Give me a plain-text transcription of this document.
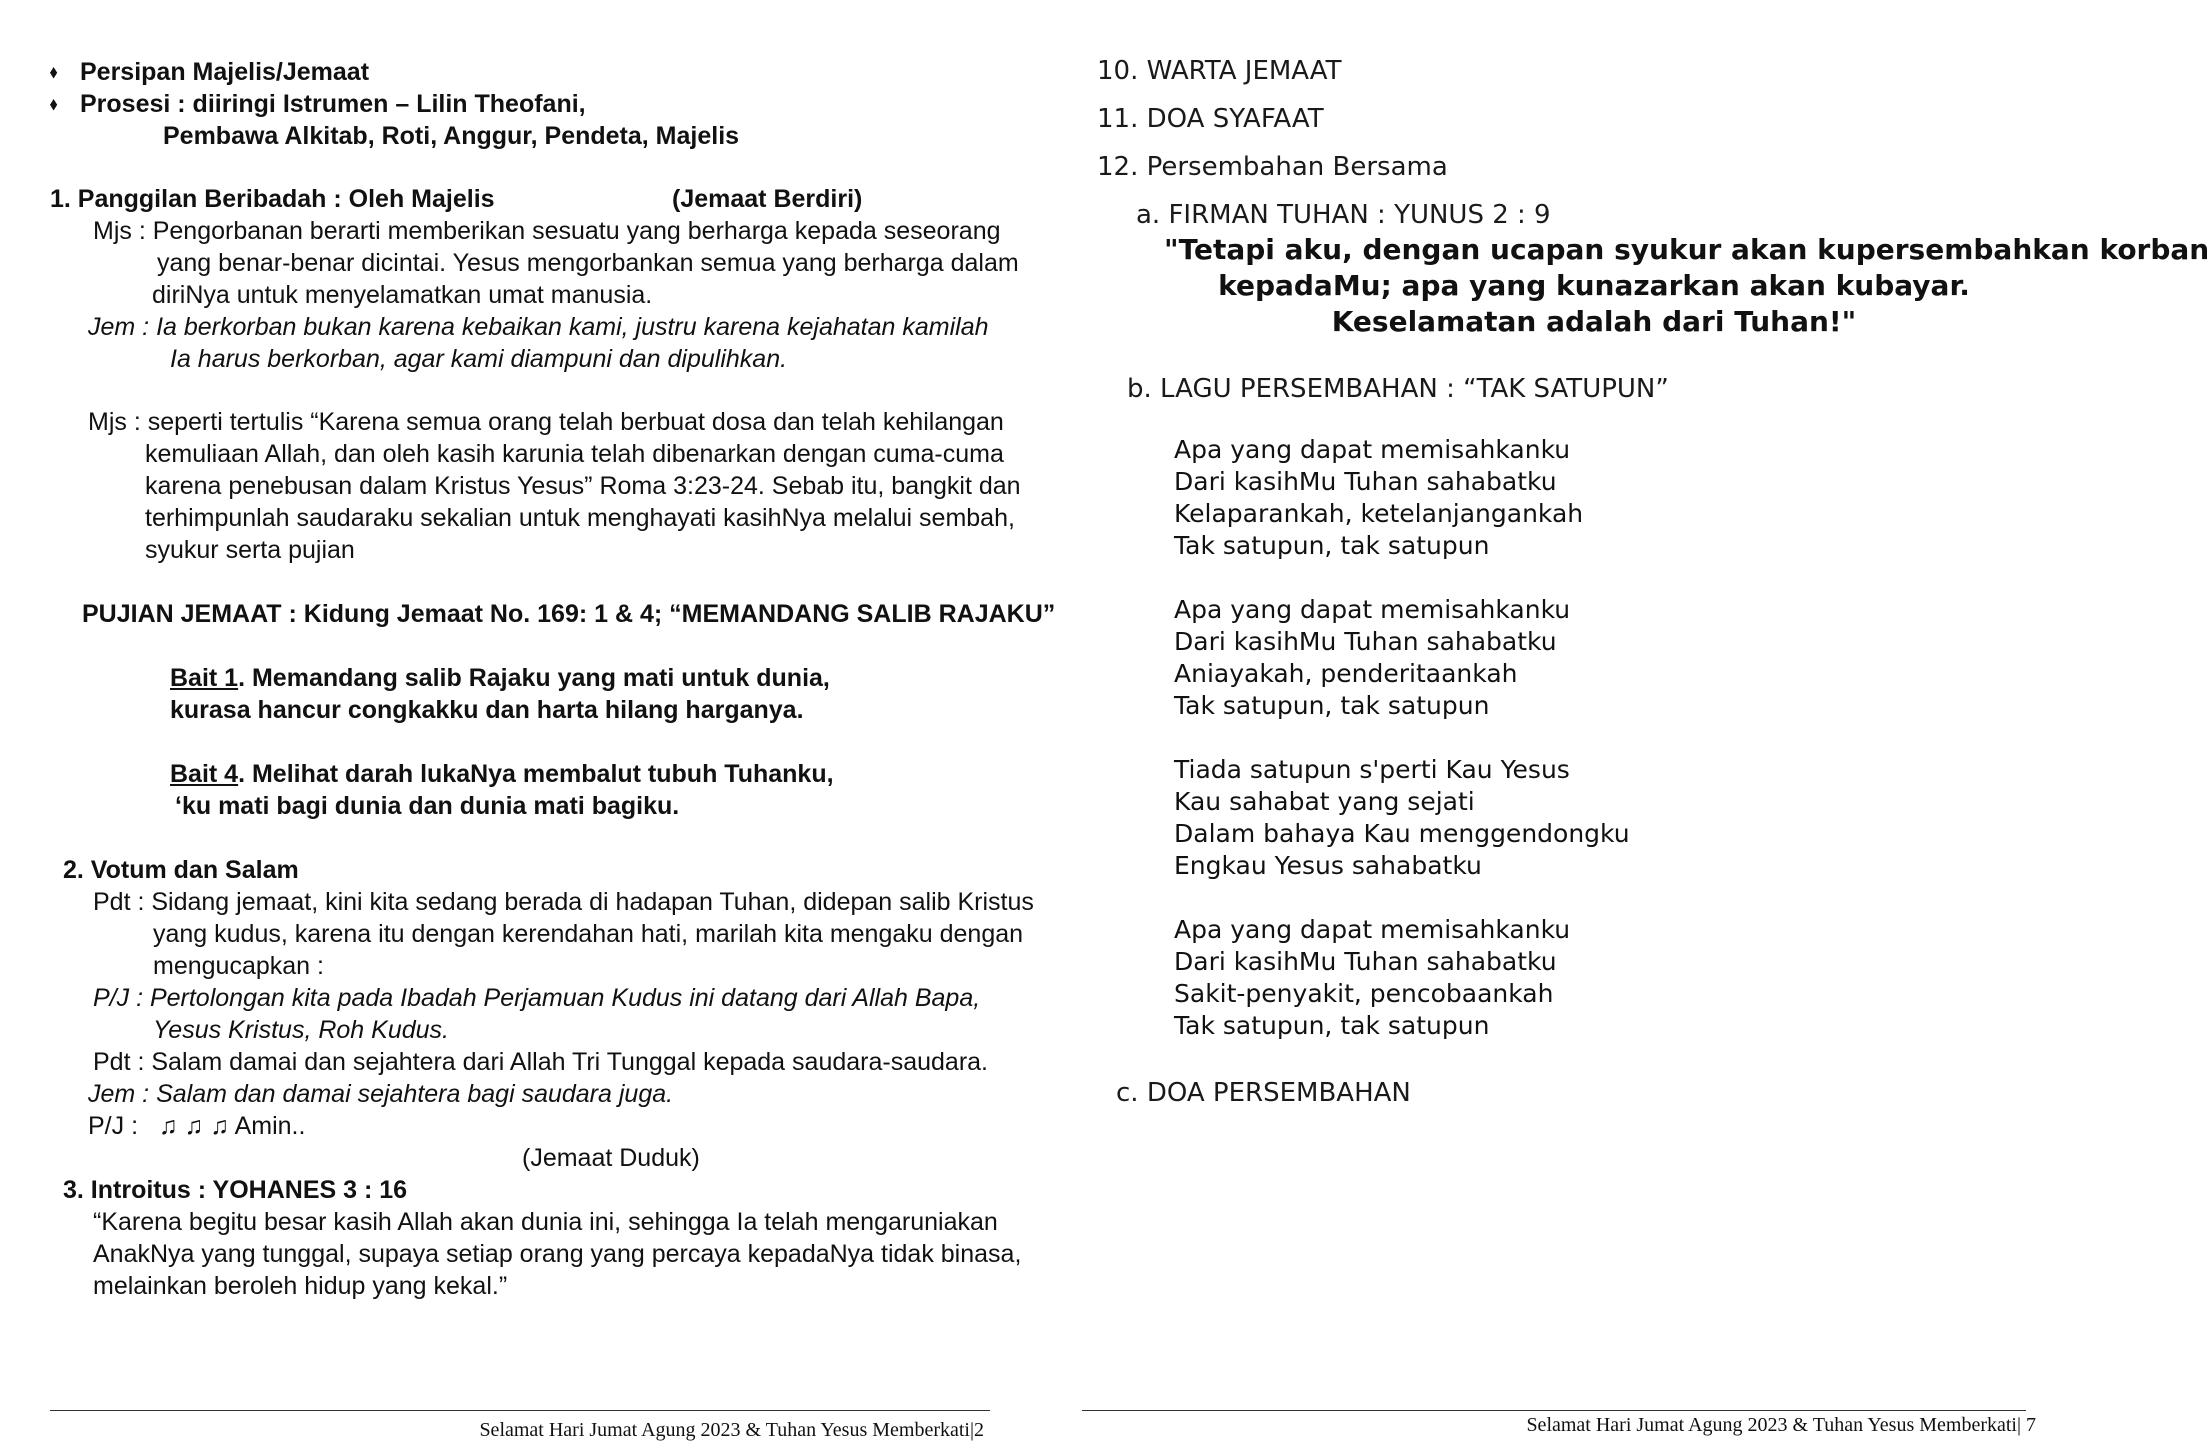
⬧ Persipan Majelis/Jemaat
⬧ Prosesi : diiringi Istrumen – Lilin Theofani,
Pembawa Alkitab, Roti, Anggur, Pendeta, Majelis
1. Panggilan Beribadah : Oleh Majelis	(Jemaat Berdiri)
Mjs : Pengorbanan berarti memberikan sesuatu yang berharga kepada seseorang
yang benar-benar dicintai. Yesus mengorbankan semua yang berharga dalam
diriNya untuk menyelamatkan umat manusia.
Jem : Ia berkorban bukan karena kebaikan kami, justru karena kejahatan kamilah
Ia harus berkorban, agar kami diampuni dan dipulihkan.
Mjs : seperti tertulis “Karena semua orang telah berbuat dosa dan telah kehilangan
kemuliaan Allah, dan oleh kasih karunia telah dibenarkan dengan cuma-cuma
karena penebusan dalam Kristus Yesus” Roma 3:23-24. Sebab itu, bangkit dan
terhimpunlah saudaraku sekalian untuk menghayati kasihNya melalui sembah,
syukur serta pujian
PUJIAN JEMAAT : Kidung Jemaat No. 169: 1 & 4; “MEMANDANG SALIB RAJAKU”
Bait 1. Memandang salib Rajaku yang mati untuk dunia,
kurasa hancur congkakku dan harta hilang harganya.
Bait 4. Melihat darah lukaNya membalut tubuh Tuhanku,
‘ku mati bagi dunia dan dunia mati bagiku.
2. Votum dan Salam
Pdt : Sidang jemaat, kini kita sedang berada di hadapan Tuhan, didepan salib Kristus
yang kudus, karena itu dengan kerendahan hati, marilah kita mengaku dengan
mengucapkan :
P/J : Pertolongan kita pada Ibadah Perjamuan Kudus ini datang dari Allah Bapa,
Yesus Kristus, Roh Kudus.
Pdt : Salam damai dan sejahtera dari Allah Tri Tunggal kepada saudara-saudara.
Jem : Salam dan damai sejahtera bagi saudara juga.
P/J : ♫ ♫ ♫ Amin..
(Jemaat Duduk)
3. Introitus : YOHANES 3 : 16
“Karena begitu besar kasih Allah akan dunia ini, sehingga Ia telah mengaruniakan
AnakNya yang tunggal, supaya setiap orang yang percaya kepadaNya tidak binasa,
melainkan beroleh hidup yang kekal.”
Selamat Hari Jumat Agung 2023 & Tuhan Yesus Memberkati|2
10. WARTA JEMAAT
11. DOA SYAFAAT
12. Persembahan Bersama
a. FIRMAN TUHAN : YUNUS 2 : 9
"Tetapi aku, dengan ucapan syukur akan kupersembahkan korban
kepadaMu; apa yang kunazarkan akan kubayar.
Keselamatan adalah dari Tuhan!"
b. LAGU PERSEMBAHAN : “TAK SATUPUN”
Apa yang dapat memisahkanku
Dari kasihMu Tuhan sahabatku
Kelaparankah, ketelanjangankah
Tak satupun, tak satupun
Apa yang dapat memisahkanku
Dari kasihMu Tuhan sahabatku
Aniayakah, penderitaankah
Tak satupun, tak satupun
Tiada satupun s'perti Kau Yesus
Kau sahabat yang sejati
Dalam bahaya Kau menggendongku
Engkau Yesus sahabatku
Apa yang dapat memisahkanku
Dari kasihMu Tuhan sahabatku
Sakit-penyakit, pencobaankah
Tak satupun, tak satupun
c. DOA PERSEMBAHAN
Selamat Hari Jumat Agung 2023 & Tuhan Yesus Memberkati| 7
